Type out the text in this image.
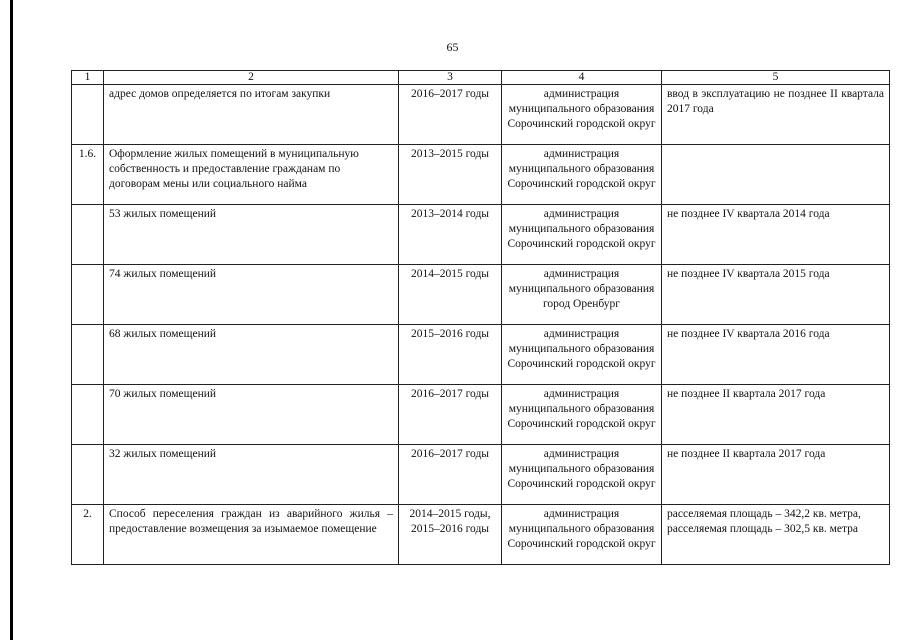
65
1	2	3	4	5
	адрес домов определяется по итогам закупки	2016–2017 годы	администрация муниципального образования Сорочинский городской округ	ввод в эксплуатацию не позднее II квартала 2017 года
1.6.	Оформление жилых помещений в муниципальную собственность и предоставление гражданам по договорам мены или социального найма	2013–2015 годы	администрация муниципального образования Сорочинский городской округ	
	53 жилых помещений	2013–2014 годы	администрация муниципального образования Сорочинский городской округ	не позднее IV квартала 2014 года
	74 жилых помещений	2014–2015 годы	администрация муниципального образования город Оренбург	не позднее IV квартала 2015 года
	68 жилых помещений	2015–2016 годы	администрация муниципального образования Сорочинский городской округ	не позднее IV квартала 2016 года
	70 жилых помещений	2016–2017 годы	администрация муниципального образования Сорочинский городской округ	не позднее II квартала 2017 года
	32 жилых помещений	2016–2017 годы	администрация муниципального образования Сорочинский городской округ	не позднее II квартала 2017 года
2.	Способ переселения граждан из аварийного жилья – предоставление возмещения за изымаемое помещение	2014–2015 годы, 2015–2016 годы	администрация муниципального образования Сорочинский городской округ	расселяемая площадь – 342,2 кв. метра, расселяемая площадь – 302,5 кв. метра
